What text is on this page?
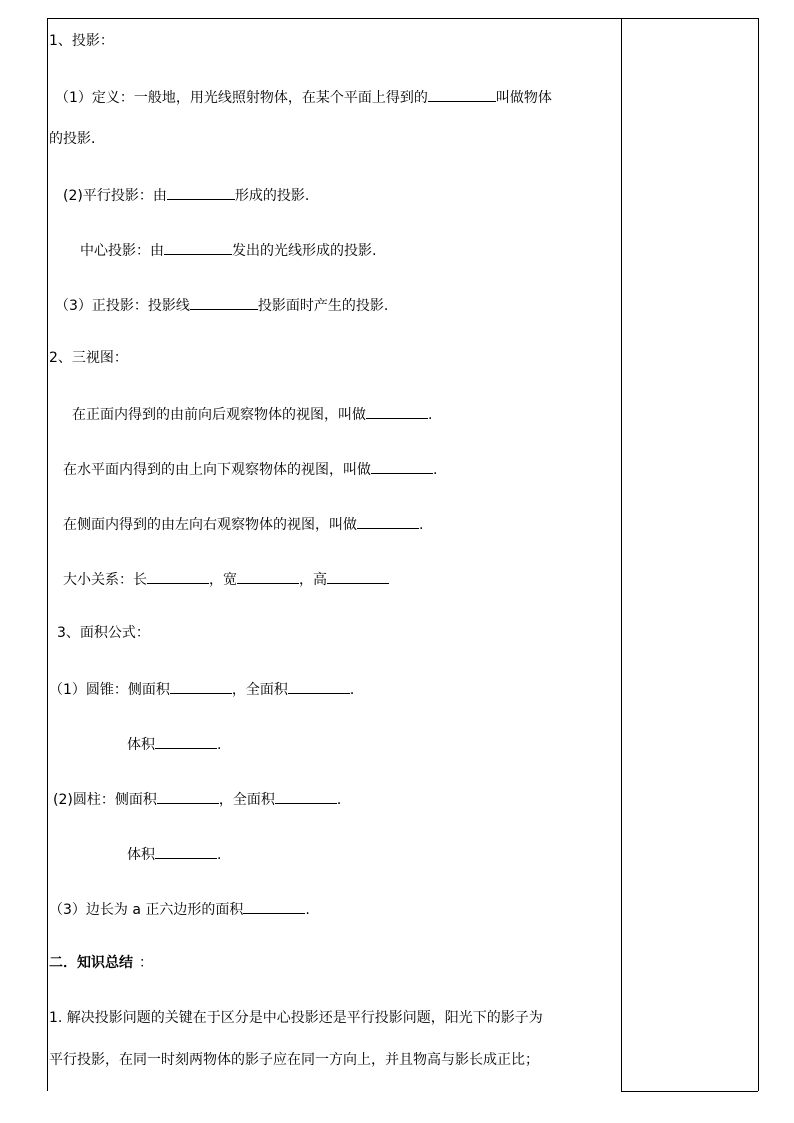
1、投影：
（1）定义：一般地，用光线照射物体，在某个平面上得到的	叫做物体
的投影．
(2)平行投影：由	形成的投影.
中心投影：由	发出的光线形成的投影.
（3）正投影：投影线	投影面时产生的投影.
2、三视图：
在正面内得到的由前向后观察物体的视图，叫做	.
在水平面内得到的由上向下观察物体的视图，叫做	.
在侧面内得到的由左向右观察物体的视图，叫做	.
大小关系：长	，宽	，高
3、面积公式：
（1）圆锥：侧面积	，全面积	．
体积	.
(2)圆柱：侧面积	，全面积	．
体积	.
（3）边长为 a 正六边形的面积	.
二．知识总结 ：
1. 解决投影问题的关键在于区分是中心投影还是平行投影问题，阳光下的影子为
平行投影，在同一时刻两物体的影子应在同一方向上，并且物高与影长成正比；
